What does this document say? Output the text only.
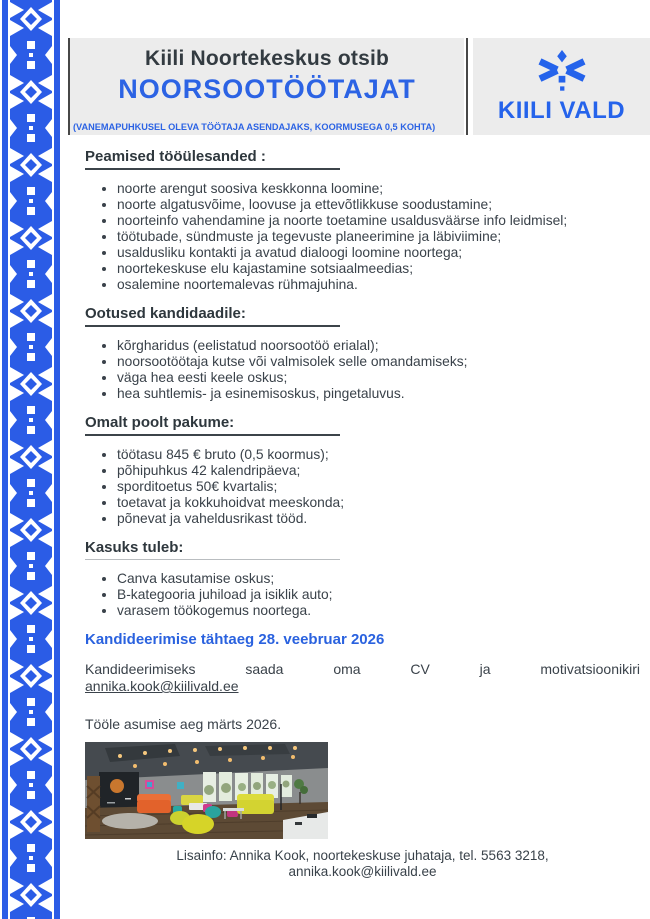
Kiili Noortekeskus otsib
NOORSOOTÖÖTAJAT
(VANEMAPUHKUSEL OLEVA TÖÖTAJA ASENDAJAKS, KOORMUSEGA 0,5 KOHTA)
KIILI VALD
Peamised tööülesanded :
• noorte arengut soosiva keskkonna loomine;
• noorte algatusvõime, loovuse ja ettevõtlikkuse soodustamine;
• noorteinfo vahendamine ja noorte toetamine usaldusväärse info leidmisel;
• töötubade, sündmuste ja tegevuste planeerimine ja läbiviimine;
• usaldusliku kontakti ja avatud dialoogi loomine noortega;
• noortekeskuse elu kajastamine sotsiaalmeedias;
• osalemine noortemalevas rühmajuhina.
Ootused kandidaadile:
• kõrgharidus (eelistatud noorsootöö erialal);
• noorsootöötaja kutse või valmisolek selle omandamiseks;
• väga hea eesti keele oskus;
• hea suhtlemis- ja esinemisoskus, pingetaluvus.
Omalt poolt pakume:
• töötasu 845 € bruto (0,5 koormus);
• põhipuhkus 42 kalendripäeva;
• sporditoetus 50€ kvartalis;
• toetavat ja kokkuhoidvat meeskonda;
• põnevat ja vaheldusrikast tööd.
Kasuks tuleb:
• Canva kasutamise oskus;
• B-kategooria juhiload ja isiklik auto;
• varasem töökogemus noortega.
Kandideerimise tähtaeg 28. veebruar 2026
Kandideerimiseks	saada	oma	CV	ja	motivatsioonikiri
annika.kook@kiilivald.ee
Tööle asumise aeg märts 2026.
Lisainfo: Annika Kook, noortekeskuse juhataja, tel. 5563 3218,
annika.kook@kiilivald.ee
